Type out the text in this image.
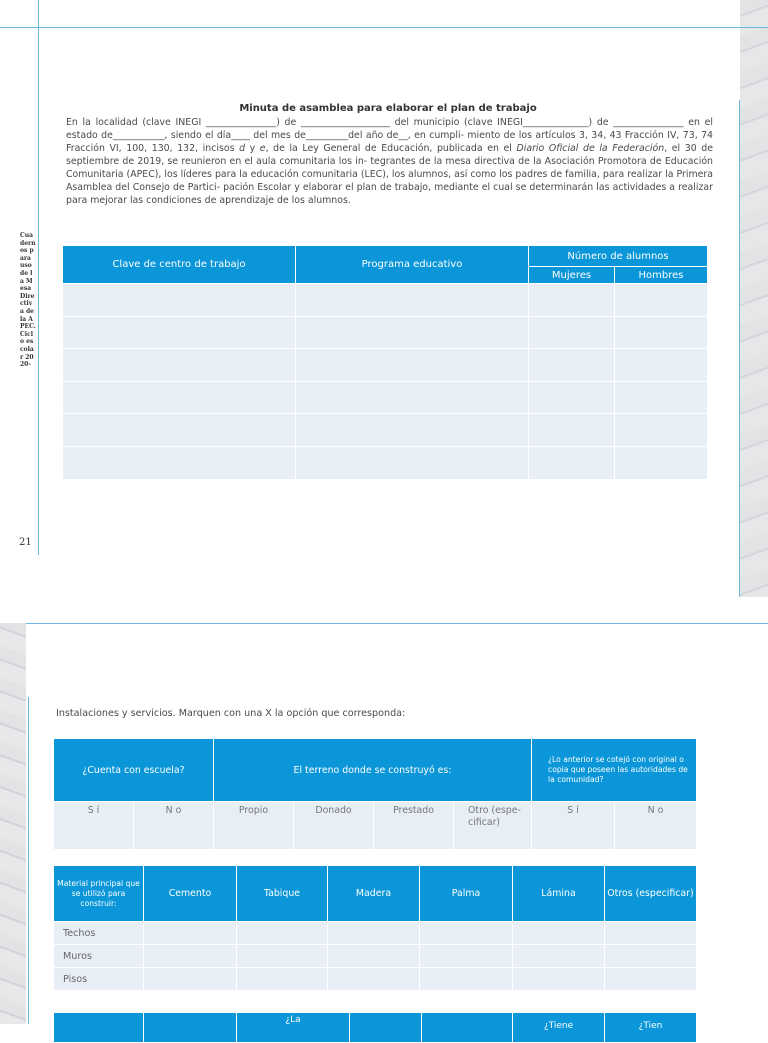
Cuadernos para uso de la Mesa Directiva de la APEC. Ciclo escolar 2020-
21
Minuta de asamblea para elaborar el plan de trabajo
En la localidad (clave INEGI _______________) de ___________________ del municipio (clave INEGI______________) de _______________ en el estado de___________, siendo el día____ del mes de_________del año de__, en cumpli- miento de los artículos 3, 34, 43 Fracción IV, 73, 74 Fracción VI, 100, 130, 132, incisos d y e, de la Ley General de Educación, publicada en el Diario Oficial de la Federación, el 30 de septiembre de 2019, se reunieron en el aula comunitaria los in- tegrantes de la mesa directiva de la Asociación Promotora de Educación Comunitaria (APEC), los líderes para la educación comunitaria (LEC), los alumnos, así como los padres de familia, para realizar la Primera Asamblea del Consejo de Partici- pación Escolar y elaborar el plan de trabajo, mediante el cual se determinarán las actividades a realizar para mejorar las condiciones de aprendizaje de los alumnos.
Clave de centro de trabajo	Programa educativo	Número de alumnos	
		Mujeres	Hombres

Instalaciones y servicios. Marquen con una X la opción que corresponda:
¿Cuenta con escuela?		El terreno donde se construyó es:				¿Lo anterior se cotejó con original o copia que poseen las autoridades de la comunidad?	
S í	N o	Propio	Donado	Prestado	Otro (espe- cificar)	S í	N o
Material principal que se utilizó para construir:	Cemento	Tabique	Madera	Palma	Lámina	Otros (especificar)
Techos						
Muros						
Pisos						
		¿La			¿Tiene	¿Tien
